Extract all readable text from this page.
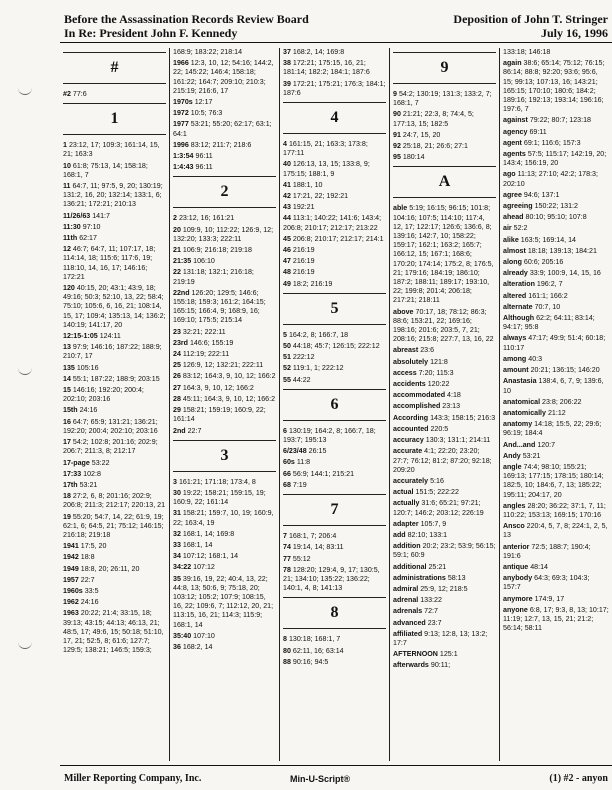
Before the Assassination Records Review Board
In Re: President John F. Kennedy
Deposition of John T. Stringer
July 16, 1996
#
#2 77:6
1
1 23:12, 17; 109:3; 161:14, 15, 21; 163:3
10 61:8; 75:13, 14; 158:18; 168:1, 7
11 64:7, 11; 97:5, 9, 20; 130:19; 131:2, 16, 20; 132:14; 133:1, 6; 136:21; 172:21; 210:13
11/26/63 141:7
11:30 97:10
11th 62:17
12 46:7; 64:7, 11; 107:17, 18; 114:14, 18; 115:6; 117:6, 19; 118:10, 14, 16, 17; 146:16; 172:21
120 40:15, 20; 43:1; 43:9, 18; 49:16; 50:3; 52:10, 13, 22; 58:4; 75:10; 105:6, 6, 16, 21; 108:14, 15, 17; 109:4; 135:13, 14; 136:2; 140:19; 141:17, 20
12:15-1:05 124:11
13 97:9; 146:16; 187:22; 188:9; 210:7, 17
135 105:16
14 55:1; 187:22; 188:9; 203:15
15 146:16; 192:20; 200:4; 202:10; 203:16
15th 24:16
16 64:7; 65:9; 131:21; 136:21; 192:20; 200:4; 202:10; 203:16
17 54:2; 102:8; 201:16; 202:9; 206:7; 211:3, 8; 212:17
17-page 53:22
17:33 102:8
17th 53:21
18 27:2, 6, 8; 201:16; 202:9; 206:8; 211:3; 212:17; 220:13, 21
19 55:20; 54:7, 14, 22; 61:9, 19; 62:1, 6; 64:5, 21; 75:12; 146:15; 216:18; 219:18
1941 17:5, 20
1942 18:8
1949 18:8, 20; 26:11, 20
1957 22:7
1960s 33:5
1962 24:16
1963 20:22; 21:4; 33:15, 18; 39:13; 43:15; 44:13; 46:13, 21; 48:5, 17; 49:6, 15; 50:18; 51:10, 17, 21; 52:5, 8; 61:6; 127:7; 129:5; 138:21; 146:5; 159:3;
168:9; 183:22; 218:14
1966 12:3, 10, 12; 54:16; 144:2, 22; 145:22; 146:4; 158:18; 161:22; 164:7; 209:10; 210:3; 215:19; 216:6, 17
1970s 12:17
1972 10:5; 76:3
1977 53:21; 55:20; 62:17; 63:1; 64:1
1996 83:12; 211:7; 218:6
1:3:54 96:11
1:4:43 96:11
2
2 23:12, 16; 161:21
20 109:9, 10; 112:22; 126:9, 12; 132:20; 133:3; 222:11
21 106:9; 216:18; 219:18
21:35 106:10
22 131:18; 132:1; 216:18; 219:19
22nd 126:20; 129:5; 146:6; 155:18; 159:3; 161:2; 164:15; 165:15; 166:4, 9; 168:9, 16; 169:10; 175:5; 215:14
23 32:21; 222:11
23rd 146:6; 155:19
24 112:19; 222:11
25 126:9, 12; 132:21; 222:11
26 83:12; 164:3, 9, 10, 12; 166:2
27 164:3, 9, 10, 12; 166:2
28 45:11; 164:3, 9, 10, 12; 166:2
29 158:21; 159:19; 160:9, 22; 161:14
2nd 22:7
3
3 161:21; 171:18; 173:4, 8
30 19:22; 158:21; 159:15, 19; 160:9, 22; 161:14
31 158:21; 159:7, 10, 19; 160:9, 22; 163:4, 19
32 168:1, 14; 169:8
33 168:1, 14
34 107:12; 168:1, 14
34:22 107:12
35 39:16, 19, 22; 40:4, 13, 22; 44:8, 13; 50:6, 9; 75:18, 20; 103:12; 105:2; 107:9; 108:15, 16, 22; 109:6, 7; 112:12, 20, 21; 113:15, 16, 21; 114:3; 115:9; 168:1, 14
35:40 107:10
36 168:2, 14
37 168:2, 14; 169:8
38 172:21; 175:15, 16, 21; 181:14; 182:2; 184:1; 187:6
39 172:21; 175:21; 176:3; 184:1; 187:6
4
4 161:15, 21; 163:3; 173:8; 177:11
40 126:13, 13, 15; 133:8, 9; 175:15; 188:1, 9
41 188:1, 10
42 17:21, 22; 192:21
43 192:21
44 113:1; 140:22; 141:6; 143:4; 206:8; 210:17; 212:17; 213:22
45 206:8; 210:17; 212:17; 214:1
46 216:19
47 216:19
48 216:19
49 18:2; 216:19
5
5 164:2, 8; 166:7, 18
50 44:18; 45:7; 126:15; 222:12
51 222:12
52 119:1, 1; 222:12
55 44:22
6
6 130:19; 164:2, 8; 166:7, 18; 193:7; 195:13
6/23/48 26:15
60s 11:8
66 56:9; 144:1; 215:21
68 7:19
7
7 168:1, 7; 206:4
74 19:14, 14; 83:11
77 55:12
78 128:20; 129:4, 9, 17; 130:5, 21; 134:10; 135:22; 136:22; 140:1, 4, 8; 141:13
8
8 130:18; 168:1, 7
80 62:11, 16; 63:14
88 90:16; 94:5
9
9 54:2; 130:19; 131:3; 133:2, 7; 168:1, 7
90 21:21; 22:3, 8; 74:4, 5; 177:13, 15; 182:5
91 24:7, 15, 20
92 25:18, 21; 26:6; 27:1
95 180:14
A
able 5:19; 16:15; 96:15; 101:8; 104:16; 107:5; 114:10; 117:4, 12, 17; 122:17; 126:6; 136:6, 8; 139:16; 142:7, 10; 158:22; 159:17; 162:1; 163:2; 165:7; 166:12, 15; 167:1; 168:6; 170:20; 174:14; 175:2, 8; 176:5, 21; 179:16; 184:19; 186:10; 187:2; 188:11; 189:17; 193:10, 22; 199:8; 201:4; 206:18; 217:21; 218:11
above 70:17, 18; 78:12; 86:3; 88:6; 153:21, 22; 169:16; 198:16; 201:6; 203:5, 7, 21; 208:16; 215:8; 227:7, 13, 16, 22
abreast 23:6
absolutely 121:8
access 7:20; 115:3
accidents 120:22
accommodated 4:18
accomplished 23:13
According 143:3; 158:15; 216:3
accounted 220:5
accuracy 130:3; 131:1; 214:11
accurate 4:1; 22:20; 23:20; 27:7; 76:12; 81:2; 87:20; 92:18; 209:20
accurately 5:16
actual 151:5; 222:22
actually 31:6; 65:21; 97:21; 120:7; 146:2; 203:12; 226:19
adapter 105:7, 9
add 82:10; 133:1
addition 20:2; 23:2; 53:9; 56:15; 59:1; 60:9
additional 25:21
administrations 58:13
admiral 25:9, 12; 218:5
adrenal 133:22
adrenals 72:7
advanced 23:7
affiliated 9:13; 12:8, 13; 13:2; 17:7
AFTERNOON 125:1
afterwards 90:11;
133:18; 146:18
again 38:6; 65:14; 75:12; 76:15; 86:14; 88:8; 92:20; 93:6; 95:6, 15; 99:13; 107:13, 16; 143:21; 165:15; 170:10; 180:6; 184:2; 189:16; 192:13; 193:14; 196:16; 197:6, 7
against 79:22; 80:7; 123:18
agency 69:11
agent 69:1; 116:6; 157:3
agents 57:5; 115:17; 142:19, 20; 143:4; 156:19, 20
ago 11:13; 27:10; 42:2; 178:3; 202:10
agree 94:6; 137:1
agreeing 150:22; 131:2
ahead 80:10; 95:10; 107:8
air 52:2
alike 163:5; 169:14, 14
almost 18:18; 139:13; 184:21
along 60:6; 205:16
already 33:9; 100:9, 14, 15, 16
alteration 196:2, 7
altered 161:1; 166:2
alternate 70:7, 10
Although 62:2; 64:11; 83:14; 94:17; 95:8
always 47:17; 49:9; 51:4; 60:18; 110:17
among 40:3
amount 20:21; 136:15; 146:20
Anastasia 138:4, 6, 7, 9; 139:6, 10
anatomical 23:8; 206:22
anatomically 21:12
anatomy 14:18; 15:5, 22; 29:6; 96:19; 184:4
And...and 120:7
Andy 53:21
angle 74:4; 98:10; 155:21; 169:13; 177:15; 178:15; 180:14; 182:5, 10; 184:6, 7, 13; 185:22; 195:11; 204:17, 20
angles 28:20; 36:22; 37:1, 7, 11; 110:22; 153:13; 169:15; 170:16
Ansco 220:4, 5, 7, 8; 224:1, 2, 5, 13
anterior 72:5; 188:7; 190:4; 191:6
antique 48:14
anybody 64:3; 69:3; 104:3; 157:7
anymore 174:9, 17
anyone 6:8, 17; 9:3, 8, 13; 10:17; 11:19; 12:7, 13, 15, 21; 21:2; 56:14; 58:11
Miller Reporting Company, Inc.	Min-U-Script®	(1) #2 - anyon
